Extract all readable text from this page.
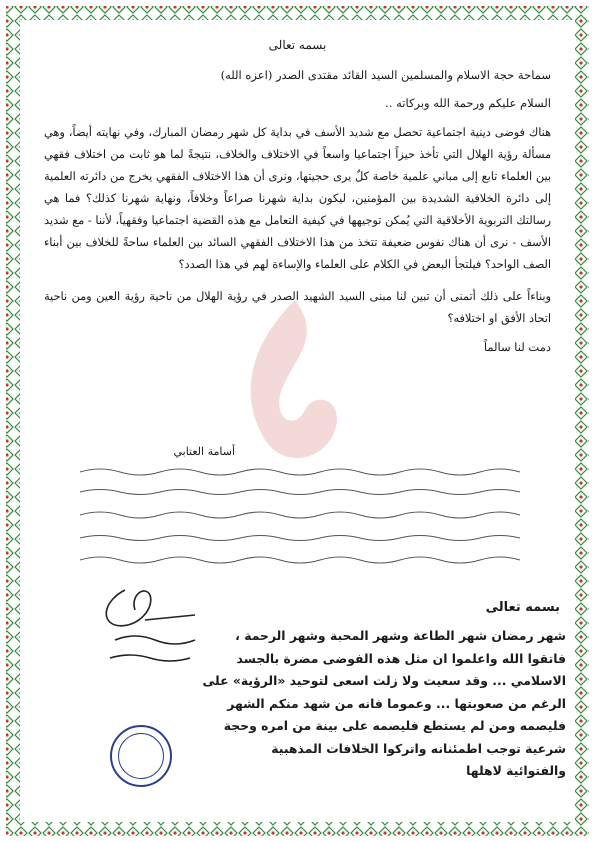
بسمه تعالى
سماحة حجة الاسلام والمسلمين السيد القائد مقتدى الصدر (اعزه الله)
السلام عليكم ورحمة الله وبركاته ..

هناك فوضى دينية اجتماعية تحصل مع شديد الأسف في بداية كل شهر رمضان المبارك، وفي نهايته أيضاً، وهي مسألة رؤية الهلال التي تأخذ حيزاً اجتماعيا واسعاً في الاختلاف والخلاف، نتيجةً لما هو ثابت من اختلاف فقهي بين العلماء تابع إلى مباني علمية خاصة كلٌ يرى حجيتها، ونرى أن هذا الاختلاف الفقهي يخرج من دائرته العلمية إلى دائرة الخلافية الشديدة بين المؤمنين، ليكون بداية شهرنا صراعاً وخلافاً، ونهاية شهرنا كذلك؟ فما هي رسالتك التربوية الأخلاقية التي يُمكن توجيهها في كيفية التعامل مع هذه القضية اجتماعيا وفقهياً، لأننا - مع شديد الأسف - نرى أن هناك نفوس ضعيفة تتخذ من هذا الاختلاف الفقهي السائد بين العلماء ساحةً للخلاف بين أبناء الصف الواحد؟ فيلتجأ البعض في الكلام على العلماء والإساءة لهم في هذا الصدد؟

وبناءاً على ذلك أتمنى أن تبين لنا مبنى السيد الشهيد الصدر في رؤية الهلال من ناحية رؤية العين ومن ناحية اتحاد الأفق او اختلافه؟

دمت لنا سالماً
أسامة العتابي
بسمه تعالى

شهر رمضان شهر الطاعة وشهر المحبة وشهر الرحمة ،

فاتقوا الله واعلموا ان مثل هذه الفوضى مضرة بالجسد

الاسلامي ... وقد سعيت ولا زلت اسعى لتوحيد «الرؤية» على

الرغم من صعوبتها ... وعموما فانه من شهد منكم الشهر

فليصمه ومن لم يستطع فليصمه على بينة من امره وحجة

شرعية توجب اطمئنانه واتركوا الخلافات المذهبية

والفتوائية لاهلها
